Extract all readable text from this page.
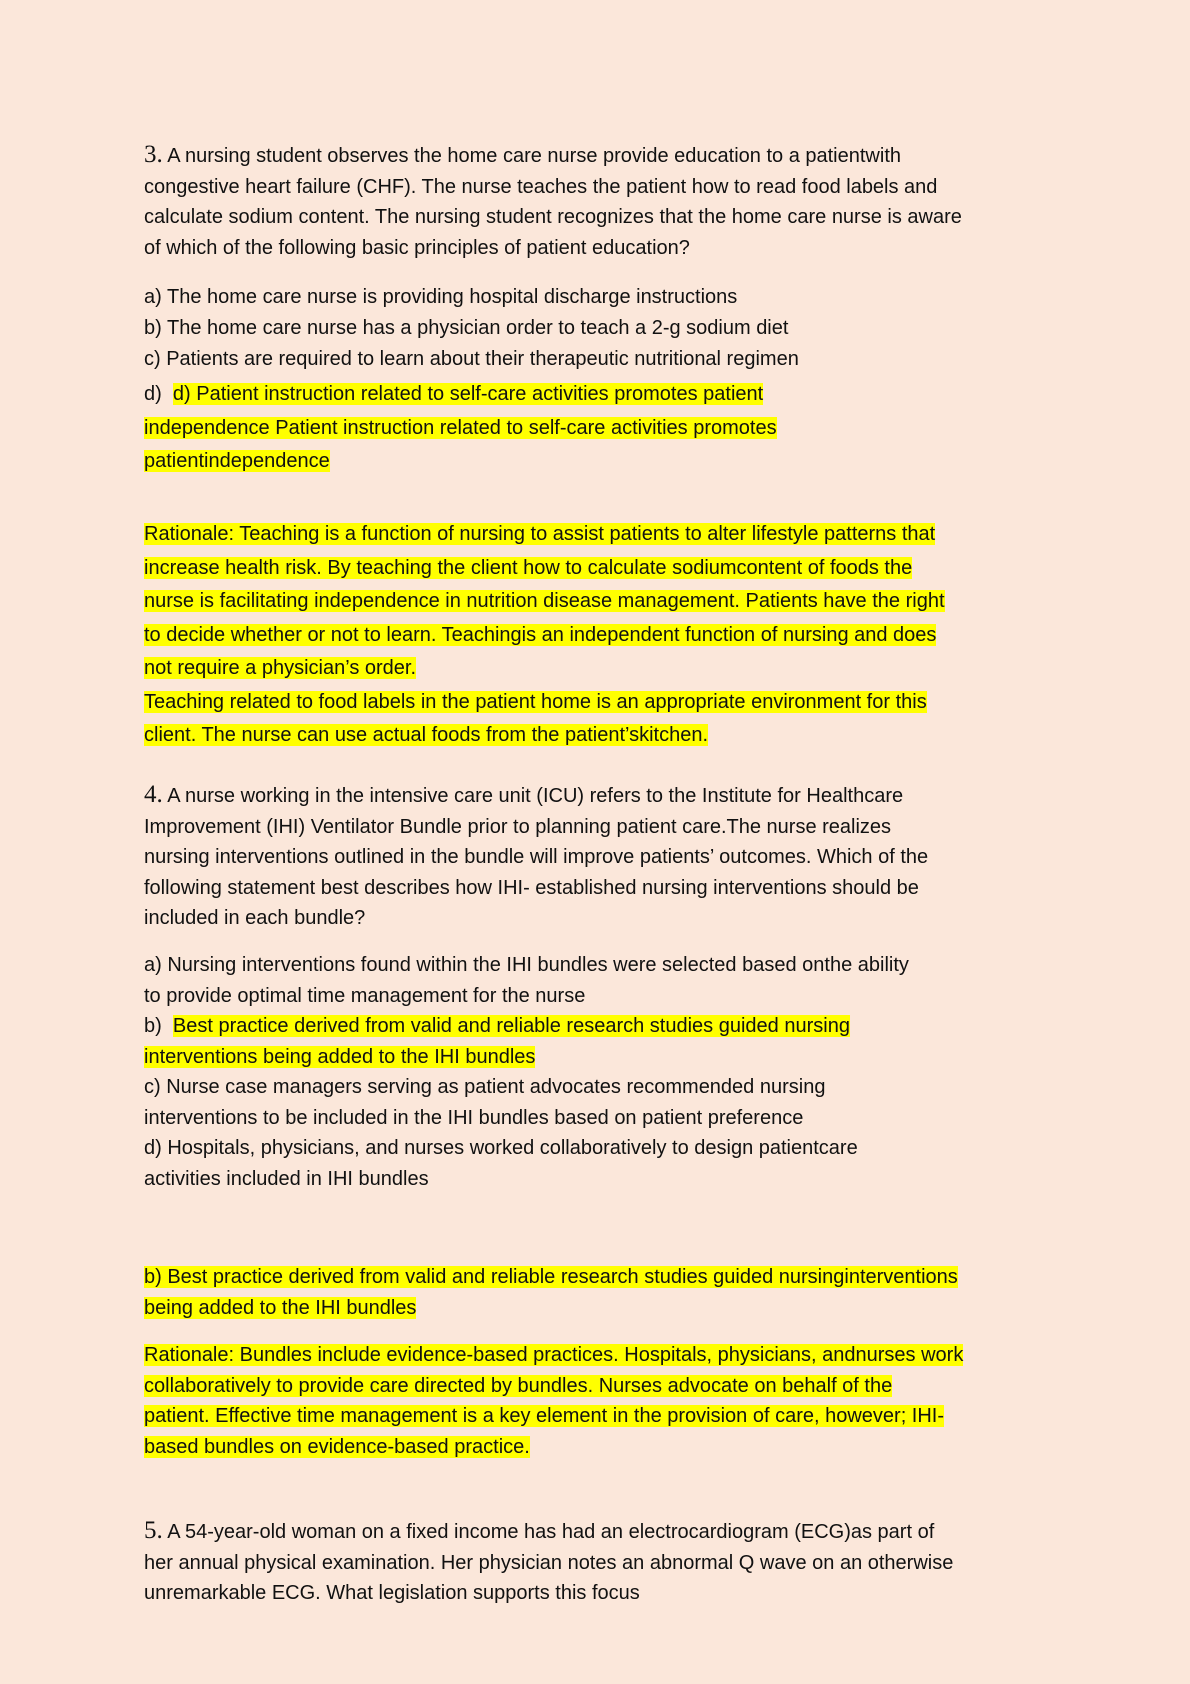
3. A nursing student observes the home care nurse provide education to a patientwith
congestive heart failure (CHF). The nurse teaches the patient how to read food labels and
calculate sodium content. The nursing student recognizes that the home care nurse is aware
of which of the following basic principles of patient education?
a) The home care nurse is providing hospital discharge instructions
b) The home care nurse has a physician order to teach a 2-g sodium diet
c) Patients are required to learn about their therapeutic nutritional regimen
d)  d) Patient instruction related to self-care activities promotes patient
independence Patient instruction related to self-care activities promotes
patientindependence
Rationale: Teaching is a function of nursing to assist patients to alter lifestyle patterns that
increase health risk. By teaching the client how to calculate sodiumcontent of foods the
nurse is facilitating independence in nutrition disease management. Patients have the right
to decide whether or not to learn. Teachingis an independent function of nursing and does
not require a physician’s order.
Teaching related to food labels in the patient home is an appropriate environment for this
client. The nurse can use actual foods from the patient’skitchen.
4. A nurse working in the intensive care unit (ICU) refers to the Institute for Healthcare
Improvement (IHI) Ventilator Bundle prior to planning patient care.The nurse realizes
nursing interventions outlined in the bundle will improve patients’ outcomes. Which of the
following statement best describes how IHI- established nursing interventions should be
included in each bundle?
a) Nursing interventions found within the IHI bundles were selected based onthe ability
to provide optimal time management for the nurse
b)  Best practice derived from valid and reliable research studies guided nursing
interventions being added to the IHI bundles
c) Nurse case managers serving as patient advocates recommended nursing
interventions to be included in the IHI bundles based on patient preference
d) Hospitals, physicians, and nurses worked collaboratively to design patientcare
activities included in IHI bundles
b) Best practice derived from valid and reliable research studies guided nursinginterventions
being added to the IHI bundles
Rationale: Bundles include evidence-based practices. Hospitals, physicians, andnurses work
collaboratively to provide care directed by bundles. Nurses advocate on behalf of the
patient. Effective time management is a key element in the provision of care, however; IHI-
based bundles on evidence-based practice.
5. A 54-year-old woman on a fixed income has had an electrocardiogram (ECG)as part of
her annual physical examination. Her physician notes an abnormal Q wave on an otherwise
unremarkable ECG. What legislation supports this focus
